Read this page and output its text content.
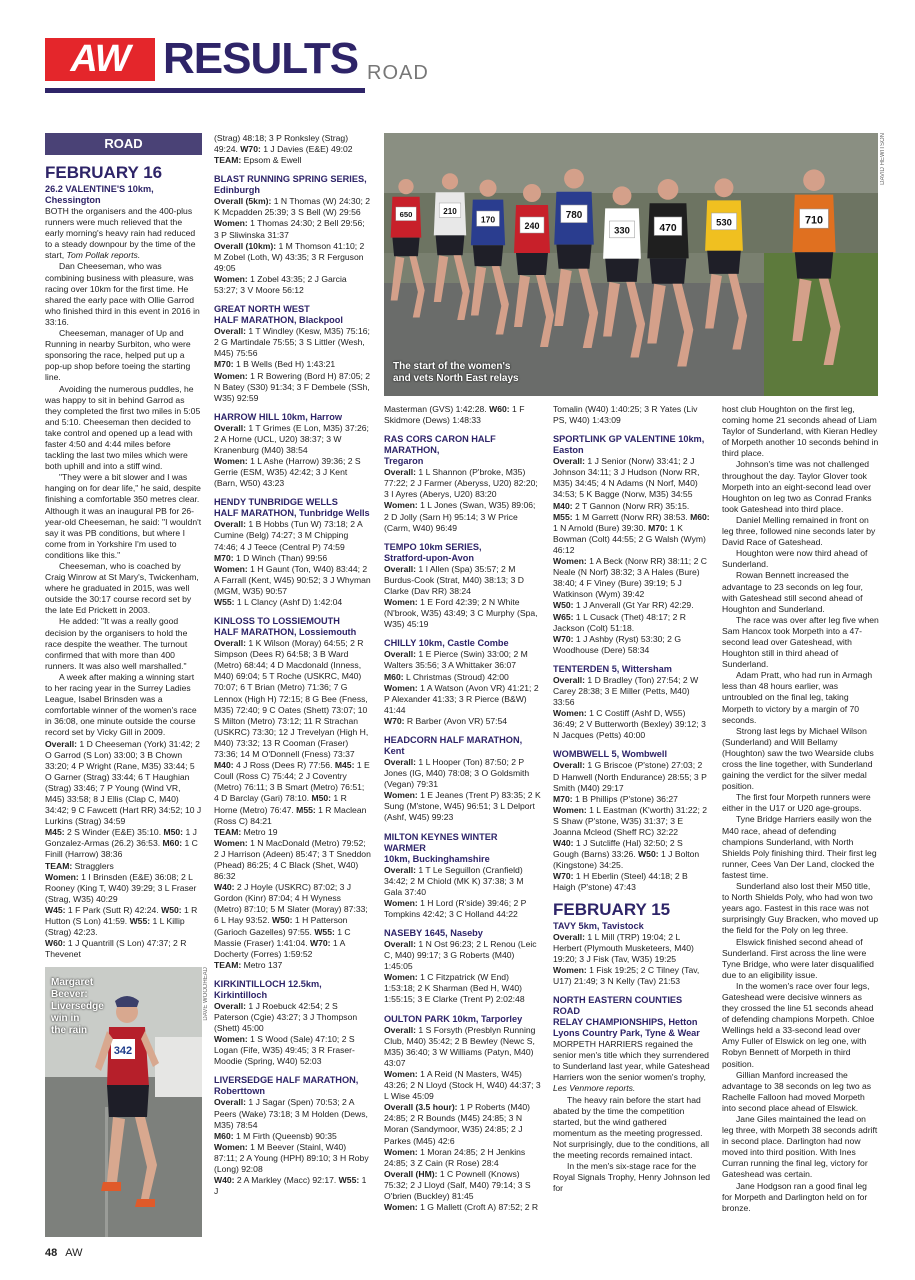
AW RESULTS ROAD
ROAD
FEBRUARY 16
26.2 VALENTINE'S 10km, Chessington

BOTH the organisers and the 400-plus runners were much relieved that the early morning's heavy rain had reduced to a steady downpour by the time of the start, Tom Pollak reports.

Dan Cheeseman, who was combining business with pleasure, was racing over 10km for the first time. He shared the early pace with Ollie Garrod who finished third in this event in 2016 in 33:16.

Cheeseman, manager of Up and Running in nearby Surbiton, who were sponsoring the race, helped put up a pop-up shop before toeing the starting line.

Avoiding the numerous puddles, he was happy to sit in behind Garrod as they completed the first two miles in 5:05 and 5:10. Cheeseman then decided to take control and opened up a lead with faster 4:50 and 4:44 miles before tackling the last two miles which were both uphill and into a stiff wind.

"They were a bit slower and I was hanging on for dear life," he said, despite finishing a comfortable 350 metres clear. Although it was an inaugural PB for 26-year-old Cheeseman, he said: "I wouldn't say it was PB conditions, but where I come from in Yorkshire I'm used to conditions like this."

Cheeseman, who is coached by Craig Winrow at St Mary's, Twickenham, where he graduated in 2015, was well outside the 30:17 course record set by the late Ed Prickett in 2003.

He added: "It was a really good decision by the organisers to hold the race despite the weather. The turnout confirmed that with more than 400 runners. It was also well marshalled."

A week after making a winning start to her racing year in the Surrey Ladies League, Isabel Brinsden was a comfortable winner of the women's race in 36:08, one minute outside the course record set by Vicky Gill in 2009.

Overall: 1 D Cheeseman (York) 31:42; 2 O Garrod (S Lon) 33:00; 3 B Chown 33:20; 4 P Wright (Rane, M35) 33:44; 5 O Garner (Strag) 33:44; 6 T Haughian (Strag) 33:46; 7 P Young (Wind VR, M45) 33:58; 8 J Ellis (Clap C, M40) 34:42; 9 C Fawcett (Hart RR) 34:52; 10 J Lurkins (Strag) 34:59

M45: 2 S Winder (E&E) 35:10. M50: 1 J Gonzalez-Armas (26.2) 36:53. M60: 1 C Finill (Harrow) 38:36

TEAM: Stragglers

Women: 1 I Brinsden (E&E) 36:08; 2 L Rooney (King T, W40) 39:29; 3 L Fraser (Strag, W35) 40:29

W45: 1 F Park (Sutt R) 42:24. W50: 1 R Hutton (S Lon) 41:59. W55: 1 L Killip (Strag) 42:23.

W60: 1 J Quantrill (S Lon) 47:37; 2 R Thevenet

342
Margaret
Beever:
Liversedge
win in
the rain
DAVE WOODHEAD

(Strag) 48:18; 3 P Ronksley (Strag) 49:24. W70: 1 J Davies (E&E) 49:02

TEAM: Epsom & Ewell

BLAST RUNNING SPRING SERIES, Edinburgh

Overall (5km): 1 N Thomas (W) 24:30; 2 K Mcpadden 25:39; 3 S Bell (W) 29:56

Women: 1 Thomas 24:30; 2 Bell 29:56; 3 P Sliwinska 31:37

Overall (10km): 1 M Thomson 41:10; 2 M Zobel (Loth, W) 43:35; 3 R Ferguson 49:05

Women: 1 Zobel 43:35; 2 J Garcia 53:27; 3 V Moore 56:12

GREAT NORTH WEST
HALF MARATHON, Blackpool

Overall: 1 T Windley (Kesw, M35) 75:16; 2 G Martindale 75:55; 3 S Littler (Wesh, M45) 75:56

M70: 1 B Wells (Bed H) 1:43:21

Women: 1 R Bowering (Bord H) 87:05; 2 N Batey (S30) 91:34; 3 F Dembele (SSh, W35) 92:59

HARROW HILL 10km, Harrow

Overall: 1 T Grimes (E Lon, M35) 37:26; 2 A Horne (UCL, U20) 38:37; 3 W Kranenburg (M40) 38:54

Women: 1 L Ashe (Harrow) 39:36; 2 S Gerrie (ESM, W35) 42:42; 3 J Kent (Barn, W50) 43:23

HENDY TUNBRIDGE WELLS
HALF MARATHON, Tunbridge Wells

Overall: 1 B Hobbs (Tun W) 73:18; 2 A Cumine (Belg) 74:27; 3 M Chipping 74:46; 4 J Teece (Central P) 74:59

M70: 1 D Winch (Than) 99:56

Women: 1 H Gaunt (Ton, W40) 83:44; 2 A Farrall (Kent, W45) 90:52; 3 J Whyman (MGM, W35) 90:57

W55: 1 L Clancy (Ashf D) 1:42:04

KINLOSS TO LOSSIEMOUTH
HALF MARATHON, Lossiemouth

Overall: 1 K Wilson (Moray) 64:55; 2 R Simpson (Dees R) 64:58; 3 B Ward (Metro) 68:44; 4 D Macdonald (Inness, M40) 69:04; 5 T Roche (USKRC, M40) 70:07; 6 T Brian (Metro) 71:36; 7 G Lennox (High H) 72:15; 8 G Bee (Fness, M35) 72:40; 9 C Oates (Shett) 73:07; 10 S Milton (Metro) 73:12; 11 R Strachan (USKRC) 73:30; 12 J Trevelyan (High H, M40) 73:32; 13 R Cooman (Fraser) 73:36; 14 M O'Donnell (Fness) 73:37

M40: 4 J Ross (Dees R) 77:56. M45: 1 E Coull (Ross C) 75:44; 2 J Coventry (Metro) 76:11; 3 B Smart (Metro) 76:51; 4 D Barclay (Gari) 78:10. M50: 1 R Horne (Metro) 76:47. M55: 1 R Maclean (Ross C) 84:21

TEAM: Metro 19

Women: 1 N MacDonald (Metro) 79:52; 2 J Harrison (Adeen) 85:47; 3 T Sneddon (Phead) 86:25; 4 C Black (Shet, W40) 86:32

W40: 2 J Hoyle (USKRC) 87:02; 3 J Gordon (Kinr) 87:04; 4 H Wyness (Metro) 87:10; 5 M Slater (Moray) 87:33; 6 L Hay 93:52. W50: 1 H Patterson (Garioch Gazelles) 97:55. W55: 1 C Massie (Fraser) 1:41:04. W70: 1 A Docherty (Forres) 1:59:52

TEAM: Metro 137

KIRKINTILLOCH 12.5km, Kirkintilloch

Overall: 1 J Roebuck 42:54; 2 S Paterson (Cgie) 43:27; 3 J Thompson (Shett) 45:00

Women: 1 S Wood (Sale) 47:10; 2 S Logan (Fife, W35) 49:45; 3 R Fraser-Moodie (Spring, W40) 52:03

LIVERSEDGE HALF MARATHON,
Roberttown

Overall: 1 J Sagar (Spen) 70:53; 2 A Peers (Wake) 73:18; 3 M Holden (Dews, M35) 78:54

M60: 1 M Firth (Queensb) 90:35

Women: 1 M Beever (Stainl, W40) 87:11; 2 A Young (HPH) 89:10; 3 H Roby (Long) 92:08

W40: 2 A Markley (Macc) 92:17. W55: 1 J

650	210
170
240
780
330	470	530	710
The start of the women's
and vets North East relays
DAVID HEWITSON

Masterman (GVS) 1:42:28. W60: 1 F Skidmore (Dews) 1:48:33

RAS CORS CARON HALF MARATHON,
Tregaron

Overall: 1 L Shannon (P'broke, M35) 77:22; 2 J Farmer (Aberyss, U20) 82:20; 3 I Ayres (Aberys, U20) 83:20

Women: 1 L Jones (Swan, W35) 89:06; 2 D Jolly (Sarn H) 95:14; 3 W Price (Carm, W40) 96:49

TEMPO 10km SERIES,
Stratford-upon-Avon

Overall: 1 I Allen (Spa) 35:57; 2 M Burdus-Cook (Strat, M40) 38:13; 3 D Clarke (Dav RR) 38:24

Women: 1 E Ford 42:39; 2 N White (N'brook, W35) 43:49; 3 C Murphy (Spa, W35) 45:19

CHILLY 10km, Castle Combe

Overall: 1 E Pierce (Swin) 33:00; 2 M Walters 35:56; 3 A Whittaker 36:07

M60: L Christmas (Stroud) 42:00

Women: 1 A Watson (Avon VR) 41:21; 2 P Alexander 41:33; 3 R Pierce (B&W) 41:44

W70: R Barber (Avon VR) 57:54

HEADCORN HALF MARATHON, Kent

Overall: 1 L Hooper (Ton) 87:50; 2 P Jones (IG, M40) 78:08; 3 O Goldsmith (Vegan) 79:31

Women: 1 E Jeanes (Trent P) 83:35; 2 K Sung (M'stone, W45) 96:51; 3 L Delport (Ashf, W45) 99:23

MILTON KEYNES WINTER WARMER
10km, Buckinghamshire

Overall: 1 T Le Seguillon (Cranfield) 34:42; 2 M Chiold (MK K) 37:38; 3 M Gala 37:40

Women: 1 H Lord (R'side) 39:46; 2 P Tompkins 42:42; 3 C Holland 44:22

NASEBY 1645, Naseby

Overall: 1 N Ost 96:23; 2 L Renou (Leic C, M40) 99:17; 3 G Roberts (M40) 1:45:05

Women: 1 C Fitzpatrick (W End) 1:53:18; 2 K Sharman (Bed H, W40) 1:55:15; 3 E Clarke (Trent P) 2:02:48

OULTON PARK 10km, Tarporley

Overall: 1 S Forsyth (Presblyn Running Club, M40) 35:42; 2 B Bewley (Newc S, M35) 36:40; 3 W Williams (Patyn, M40) 43:07

Women: 1 A Reid (N Masters, W45) 43:26; 2 N Lloyd (Stock H, W40) 44:37; 3 L Wise 45:09

Overall (3.5 hour): 1 P Roberts (M40) 24:85; 2 R Bounds (M45) 24:85; 3 N Moran (Sandymoor, W35) 24:85; 2 J Parkes (M45) 42:6

Women: 1 Moran 24:85; 2 H Jenkins 24:85; 3 Z Cain (R Rose) 28:4

Overall (HM): 1 C Pownell (Knows) 75:32; 2 J Lloyd (Salf, M40) 79:14; 3 S O'brien (Buckley) 81:45

Women: 1 G Mallett (Croft A) 87:52; 2 R

Tomalin (W40) 1:40:25; 3 R Yates (Liv PS, W40) 1:43:09

SPORTLINK GP VALENTINE 10km,
Easton

Overall: 1 J Senior (Norw) 33:41; 2 J Johnson 34:11; 3 J Hudson (Norw RR, M35) 34:45; 4 N Adams (N Norf, M40) 34:53; 5 K Bagge (Norw, M35) 34:55

M40: 2 T Gannon (Norw RR) 35:15. M55: 1 M Garrett (Norw RR) 38:53. M60: 1 N Arnold (Bure) 39:30. M70: 1 K Bowman (Colt) 44:55; 2 G Walsh (Wym) 46:12

Women: 1 A Beck (Norw RR) 38:11; 2 C Neale (N Norf) 38:32; 3 A Hales (Bure) 38:40; 4 F Viney (Bure) 39:19; 5 J Watkinson (Wym) 39:42

W50: 1 J Anverall (Gt Yar RR) 42:29. W65: 1 L Cusack (Thet) 48:17; 2 R Jackson (Colt) 51:18.

W70: 1 J Ashby (Ryst) 53:30; 2 G Woodhouse (Dere) 58:34

TENTERDEN 5, Wittersham

Overall: 1 D Bradley (Ton) 27:54; 2 W Carey 28:38; 3 E Miller (Petts, M40) 33:56

Women: 1 C Costiff (Ashf D, W55) 36:49; 2 V Butterworth (Bexley) 39:12; 3 N Jacques (Petts) 40:00

WOMBWELL 5, Wombwell

Overall: 1 G Briscoe (P'stone) 27:03; 2 D Hanwell (North Endurance) 28:55; 3 P Smith (M40) 29:17

M70: 1 B Phillips (P'stone) 36:27

Women: 1 L Eastman (K'worth) 31:22; 2 S Shaw (P'stone, W35) 31:37; 3 E Joanna Mcleod (Sheff RC) 32:22

W40: 1 J Sutcliffe (Hal) 32:50; 2 S Gough (Barns) 33:26. W50: 1 J Bolton (Kingstone) 34:25.

W70: 1 H Eberlin (Steel) 44:18; 2 B Haigh (P'stone) 47:43

FEBRUARY 15
TAVY 5km, Tavistock

Overall: 1 L Mill (TRP) 19:04; 2 L Herbert (Plymouth Musketeers, M40) 19:20; 3 J Fisk (Tav, W35) 19:25

Women: 1 Fisk 19:25; 2 C Tilney (Tav, U17) 21:49; 3 N Kelly (Tav) 21:53

NORTH EASTERN COUNTIES ROAD
RELAY CHAMPIONSHIPS, Hetton
Lyons Country Park, Tyne & Wear

MORPETH HARRIERS regained the senior men's title which they surrendered to Sunderland last year, while Gateshead Harriers won the senior women's trophy, Les Venmore reports.

The heavy rain before the start had abated by the time the competition started, but the wind gathered momentum as the meeting progressed. Not surprisingly, due to the conditions, all the meeting records remained intact.

In the men's six-stage race for the Royal Signals Trophy, Henry Johnson led for

host club Houghton on the first leg, coming home 21 seconds ahead of Liam Taylor of Sunderland, with Kieran Hedley of Morpeth another 10 seconds behind in third place.

Johnson's time was not challenged throughout the day. Taylor Glover took Morpeth into an eight-second lead over Houghton on leg two as Conrad Franks took Gateshead into third place.

Daniel Melling remained in front on leg three, followed nine seconds later by David Race of Gateshead.

Houghton were now third ahead of Sunderland.

Rowan Bennett increased the advantage to 23 seconds on leg four, with Gateshead still second ahead of Houghton and Sunderland.

The race was over after leg five when Sam Hancox took Morpeth into a 47-second lead over Gateshead, with Houghton still in third ahead of Sunderland.

Adam Pratt, who had run in Armagh less than 48 hours earlier, was untroubled on the final leg, taking Morpeth to victory by a margin of 70 seconds.

Strong last legs by Michael Wilson (Sunderland) and Will Bellamy (Houghton) saw the two Wearside clubs cross the line together, with Sunderland gaining the verdict for the silver medal position.

The first four Morpeth runners were either in the U17 or U20 age-groups.

Tyne Bridge Harriers easily won the M40 race, ahead of defending champions Sunderland, with North Shields Poly finishing third. Their first leg runner, Cees Van Der Land, clocked the fastest time.

Sunderland also lost their M50 title, to North Shields Poly, who had won two years ago. Fastest in this race was not surprisingly Guy Bracken, who moved up the field for the Poly on leg three.

Elswick finished second ahead of Sunderland. First across the line were Tyne Bridge, who were later disqualified due to an eligibility issue.

In the women's race over four legs, Gateshead were decisive winners as they crossed the line 51 seconds ahead of defending champions Morpeth. Chloe Wellings held a 33-second lead over Amy Fuller of Elswick on leg one, with Robyn Bennett of Morpeth in third position.

Gillian Manford increased the advantage to 38 seconds on leg two as Rachelle Falloon had moved Morpeth into second place ahead of Elswick.

Jane Giles maintained the lead on leg three, with Morpeth 38 seconds adrift in second place. Darlington had now moved into third position. With Ines Curran running the final leg, victory for Gateshead was certain.

Jane Hodgson ran a good final leg for Morpeth and Darlington held on for bronze.

48 AW
